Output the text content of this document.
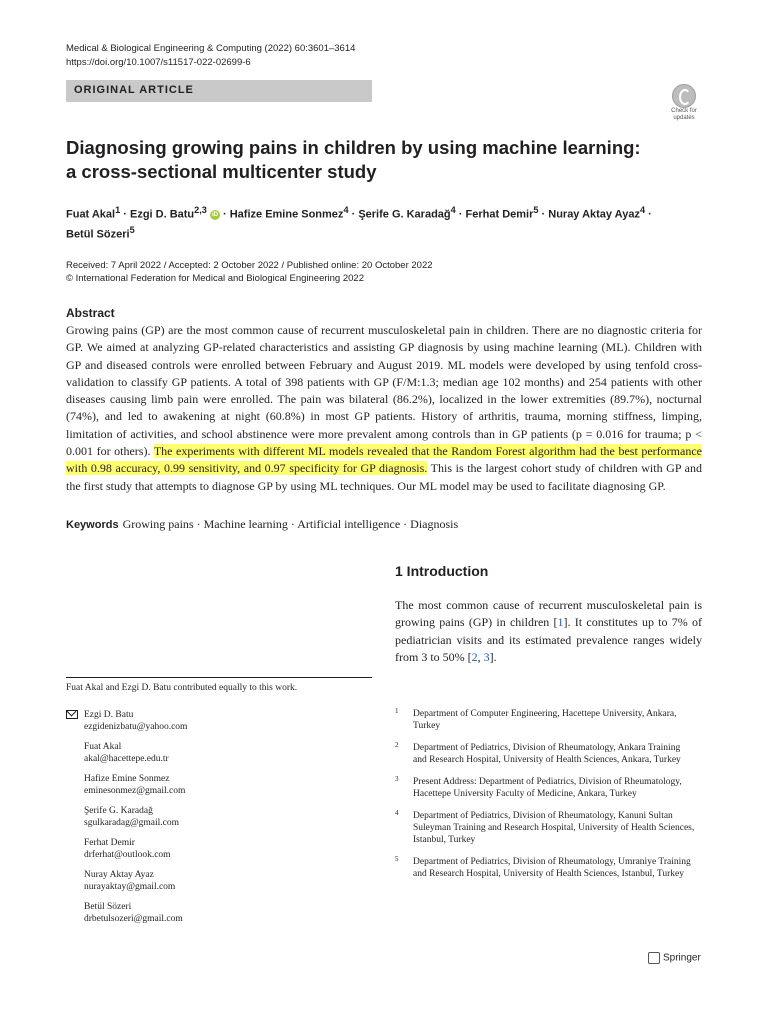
Medical & Biological Engineering & Computing (2022) 60:3601–3614
https://doi.org/10.1007/s11517-022-02699-6
ORIGINAL ARTICLE
Check for
updates
Diagnosing growing pains in children by using machine learning:
a cross-sectional multicenter study
Fuat Akal$^1$ · Ezgi D. Batu$^{2,3}$ iD · Hafize Emine Sonmez$^4$ · Şerife G. Karadağ$^4$ · Ferhat Demir$^5$ · Nuray Aktay Ayaz$^4$ ·
Betül Sözeri$^5$
Received: 7 April 2022 / Accepted: 2 October 2022 / Published online: 20 October 2022
© International Federation for Medical and Biological Engineering 2022
Abstract
Growing pains (GP) are the most common cause of recurrent musculoskeletal pain in children. There are no diagnostic criteria for GP. We aimed at analyzing GP-related characteristics and assisting GP diagnosis by using machine learning (ML). Children with GP and diseased controls were enrolled between February and August 2019. ML models were developed by using tenfold cross-validation to classify GP patients. A total of 398 patients with GP (F/M:1.3; median age 102 months) and 254 patients with other diseases causing limb pain were enrolled. The pain was bilateral (86.2%), localized in the lower extremities (89.7%), nocturnal (74%), and led to awakening at night (60.8%) in most GP patients. History of arthritis, trauma, morning stiffness, limping, limitation of activities, and school abstinence were more prevalent among controls than in GP patients (p = 0.016 for trauma; p < 0.001 for others). The experiments with different ML models revealed that the Random Forest algorithm had the best performance with 0.98 accuracy, 0.99 sensitivity, and 0.97 specificity for GP diagnosis. This is the largest cohort study of children with GP and the first study that attempts to diagnose GP by using ML techniques. Our ML model may be used to facilitate diagnosing GP.
Keywords Growing pains · Machine learning · Artificial intelligence · Diagnosis
1 Introduction
The most common cause of recurrent musculoskeletal pain is growing pains (GP) in children [1]. It constitutes up to 7% of pediatrician visits and its estimated prevalence ranges widely from 3 to 50% [2, 3].
Fuat Akal and Ezgi D. Batu contributed equally to this work.
Ezgi D. Batu
ezgidenizbatu@yahoo.com
Fuat Akal
akal@hacettepe.edu.tr
Hafize Emine Sonmez
eminesonmez@gmail.com
Şerife G. Karadağ
sgulkaradag@gmail.com
Ferhat Demir
drferhat@outlook.com
Nuray Aktay Ayaz
nurayaktay@gmail.com
Betül Sözeri
drbetulsozeri@gmail.com
1 Department of Computer Engineering, Hacettepe University, Ankara, Turkey
2 Department of Pediatrics, Division of Rheumatology, Ankara Training and Research Hospital, University of Health Sciences, Ankara, Turkey
3 Present Address: Department of Pediatrics, Division of Rheumatology, Hacettepe University Faculty of Medicine, Ankara, Turkey
4 Department of Pediatrics, Division of Rheumatology, Kanuni Sultan Suleyman Training and Research Hospital, University of Health Sciences, Istanbul, Turkey
5 Department of Pediatrics, Division of Rheumatology, Umraniye Training and Research Hospital, University of Health Sciences, Istanbul, Turkey
Springer
